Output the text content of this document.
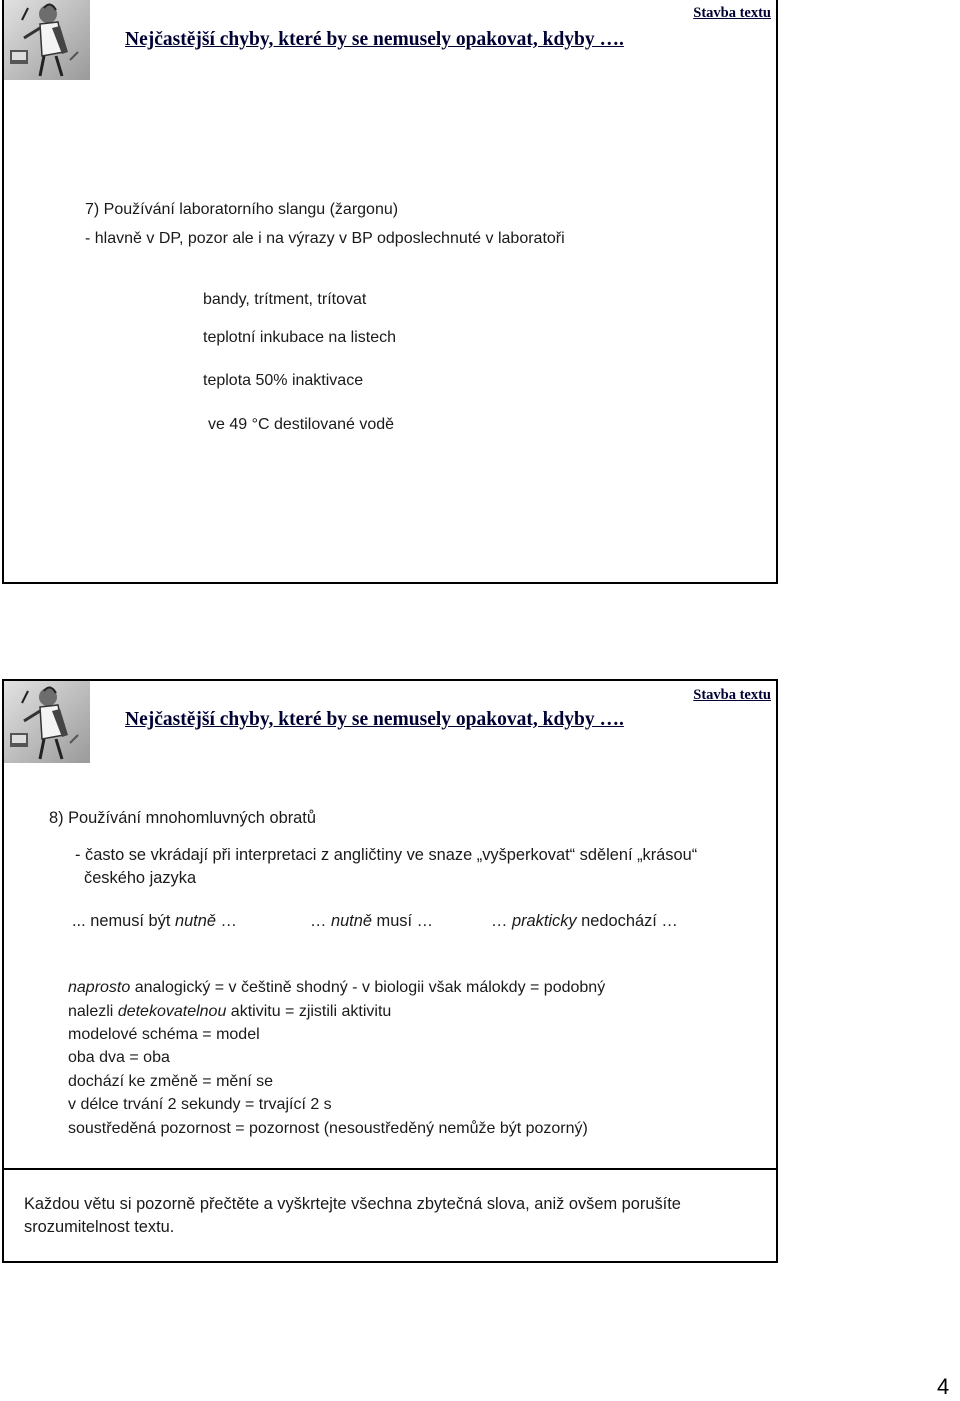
Nejčastější chyby, které by se nemusely opakovat, kdyby ….
Stavba textu
7) Používání laboratorního slangu (žargonu)
- hlavně v DP, pozor ale i na výrazy v BP odposlechnuté v laboratoři
bandy, trítment, trítovat
teplotní inkubace na listech
teplota 50% inaktivace
ve 49 °C destilované vodě
Nejčastější chyby, které by se nemusely opakovat, kdyby ….
Stavba textu
8) Používání mnohomluvných obratů
- často se vkrádají při interpretaci z angličtiny ve snaze „vyšperkovat“ sdělení „krásou“
českého jazyka
... nemusí být nutně …	… nutně musí …	… prakticky nedochází …
naprosto analogický = v češtině shodný - v biologii však málokdy = podobný
nalezli detekovatelnou aktivitu = zjistili aktivitu
modelové schéma = model
oba dva = oba
dochází ke změně = mění se
v délce trvání 2 sekundy = trvající 2 s
soustředěná pozornost = pozornost (nesoustředěný nemůže být pozorný)
Každou větu si pozorně přečtěte a vyškrtejte všechna zbytečná slova, aniž ovšem porušíte
srozumitelnost textu.
4
